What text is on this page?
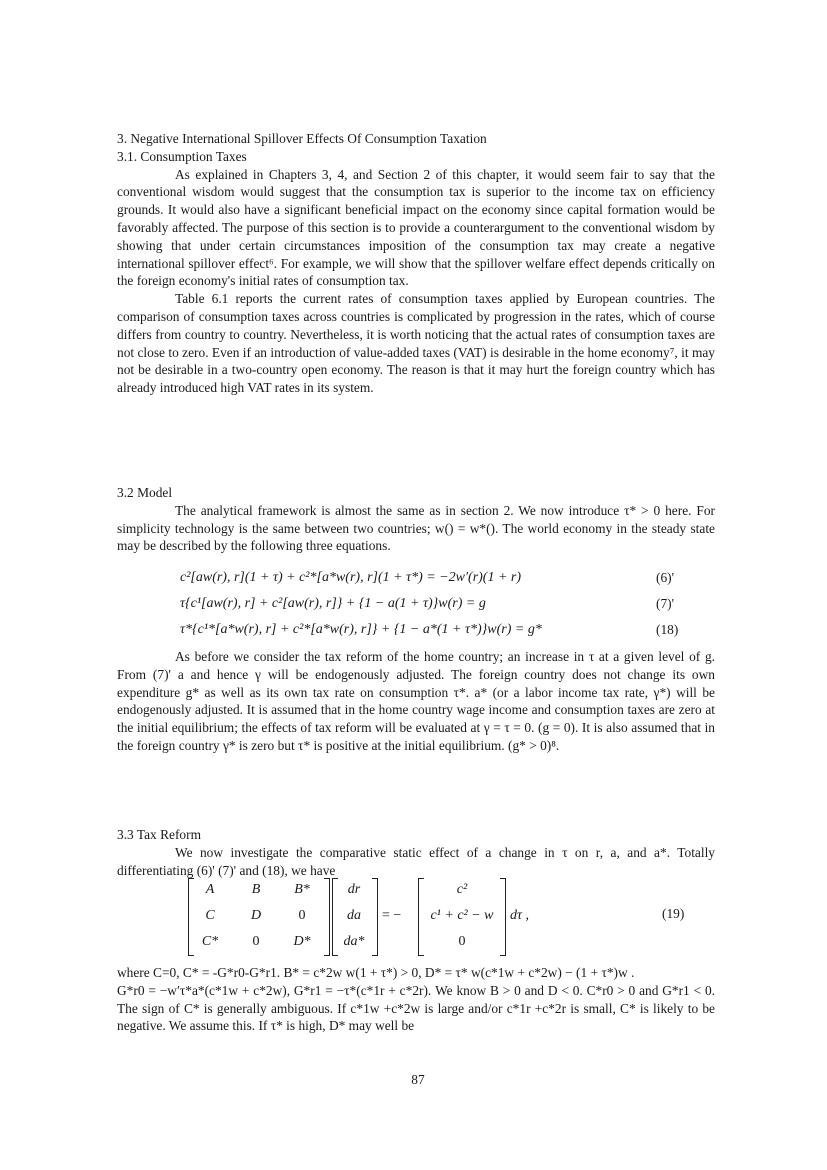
3. Negative International Spillover Effects Of Consumption Taxation

3.1. Consumption Taxes

As explained in Chapters 3, 4, and Section 2 of this chapter, it would seem fair to say that the conventional wisdom would suggest that the consumption tax is superior to the income tax on efficiency grounds. It would also have a significant beneficial impact on the economy since capital formation would be favorably affected. The purpose of this section is to provide a counterargument to the conventional wisdom by showing that under certain circumstances imposition of the consumption tax may create a negative international spillover effect⁶. For example, we will show that the spillover welfare effect depends critically on the foreign economy's initial rates of consumption tax.

Table 6.1 reports the current rates of consumption taxes applied by European countries. The comparison of consumption taxes across countries is complicated by progression in the rates, which of course differs from country to country. Nevertheless, it is worth noticing that the actual rates of consumption taxes are not close to zero. Even if an introduction of value-added taxes (VAT) is desirable in the home economy⁷, it may not be desirable in a two-country open economy. The reason is that it may hurt the foreign country which has already introduced high VAT rates in its system.

3.2 Model

The analytical framework is almost the same as in section 2. We now introduce τ* > 0 here. For simplicity technology is the same between two countries; w() = w*(). The world economy in the steady state may be described by the following three equations.

c²[aw(r), r](1 + τ) + c²*[a*w(r), r](1 + τ*) = −2w′(r)(1 + r)	(6)'
τ{c¹[aw(r), r] + c²[aw(r), r]} + {1 − a(1 + τ)}w(r) = g	(7)'
τ*{c¹*[a*w(r), r] + c²*[a*w(r), r]} + {1 − a*(1 + τ*)}w(r) = g*	(18)

As before we consider the tax reform of the home country; an increase in τ at a given level of g. From (7)' a and hence γ will be endogenously adjusted. The foreign country does not change its own expenditure g* as well as its own tax rate on consumption τ*. a* (or a labor income tax rate, γ*) will be endogenously adjusted. It is assumed that in the home country wage income and consumption taxes are zero at the initial equilibrium; the effects of tax reform will be evaluated at γ = τ = 0. (g = 0). It is also assumed that in the foreign country γ* is zero but τ* is positive at the initial equilibrium. (g* > 0)⁸.

3.3 Tax Reform

We now investigate the comparative static effect of a change in τ on r, a, and a*. Totally differentiating (6)' (7)' and (18), we have

A	B	B*
C	D	0
C*	0	D*
dr
da
da*
= −
c²
c¹ + c² − w
0
dτ ,	(19)

where C=0, C* = -G*r0-G*r1. B* = c*2w w(1 + τ*) > 0, D* = τ* w(c*1w + c*2w) − (1 + τ*)w .

G*r0 = −w′τ*a*(c*1w + c*2w), G*r1 = −τ*(c*1r + c*2r). We know B > 0 and D < 0. C*r0 > 0 and G*r1 < 0. The sign of C* is generally ambiguous. If c*1w +c*2w is large and/or c*1r +c*2r is small, C* is likely to be negative. We assume this. If τ* is high, D* may well be

87
